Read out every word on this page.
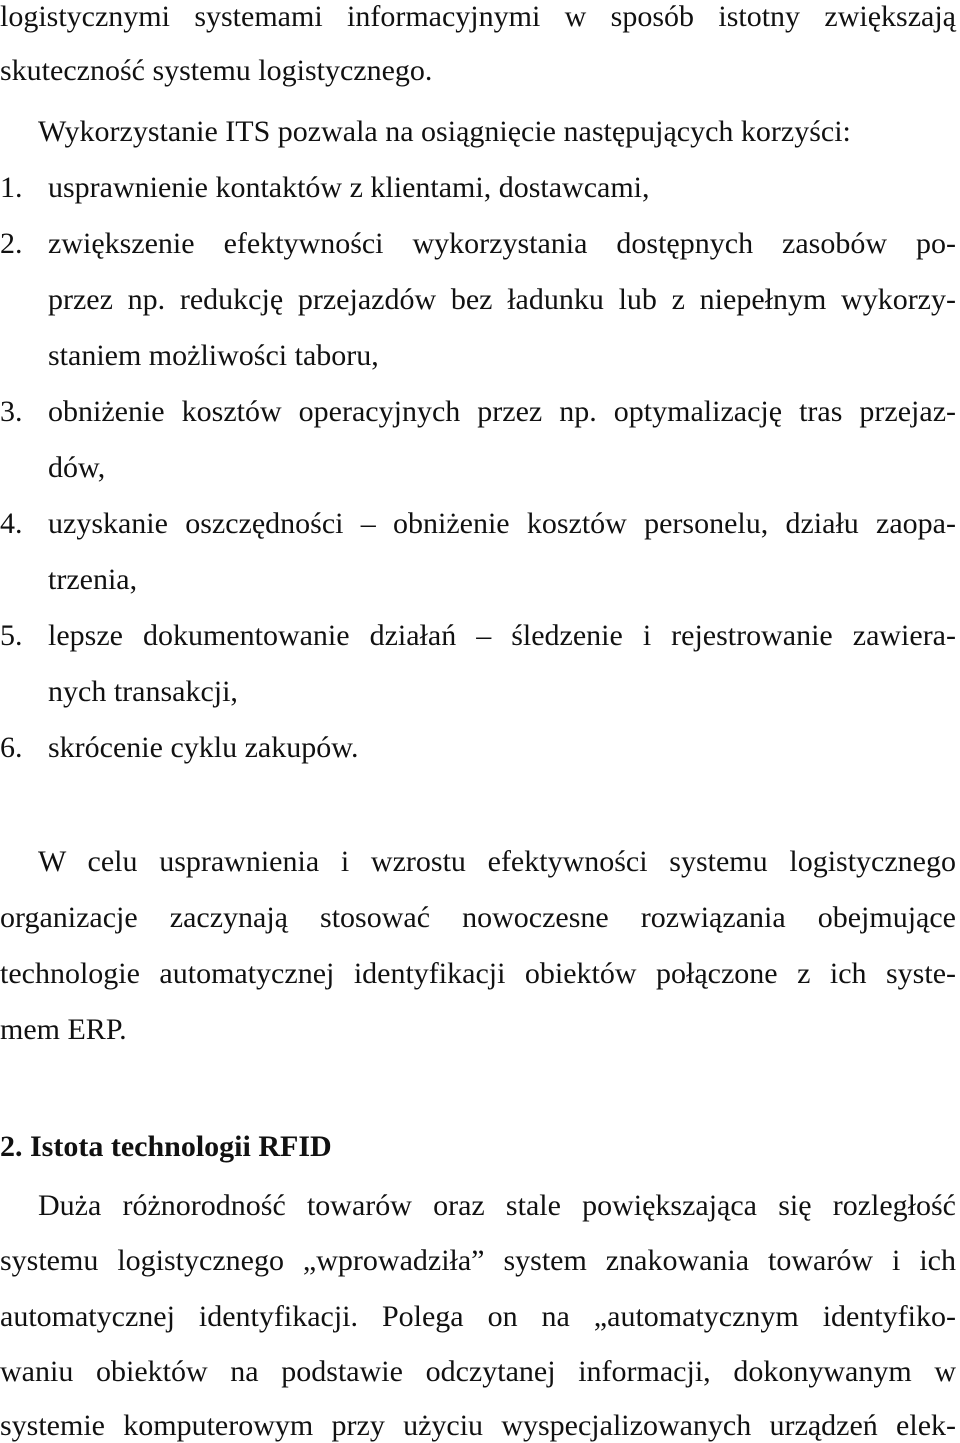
logistycznymi systemami informacyjnymi w sposób istotny zwiększają
skuteczność systemu logistycznego.
Wykorzystanie ITS pozwala na osiągnięcie następujących korzyści:
1. usprawnienie kontaktów z klientami, dostawcami,
2. zwiększenie efektywności wykorzystania dostępnych zasobów po-
przez np. redukcję przejazdów bez ładunku lub z niepełnym wykorzy-
staniem możliwości taboru,
3. obniżenie kosztów operacyjnych przez np. optymalizację tras przejaz-
dów,
4. uzyskanie oszczędności – obniżenie kosztów personelu, działu zaopa-
trzenia,
5. lepsze dokumentowanie działań – śledzenie i rejestrowanie zawiera-
nych transakcji,
6. skrócenie cyklu zakupów.
W celu usprawnienia i wzrostu efektywności systemu logistycznego
organizacje zaczynają stosować nowoczesne rozwiązania obejmujące
technologie automatycznej identyfikacji obiektów połączone z ich syste-
mem ERP.
2. Istota technologii RFID
Duża różnorodność towarów oraz stale powiększająca się rozległość
systemu logistycznego „wprowadziła” system znakowania towarów i ich
automatycznej identyfikacji. Polega on na „automatycznym identyfiko-
waniu obiektów na podstawie odczytanej informacji, dokonywanym w
systemie komputerowym przy użyciu wyspecjalizowanych urządzeń elek-
